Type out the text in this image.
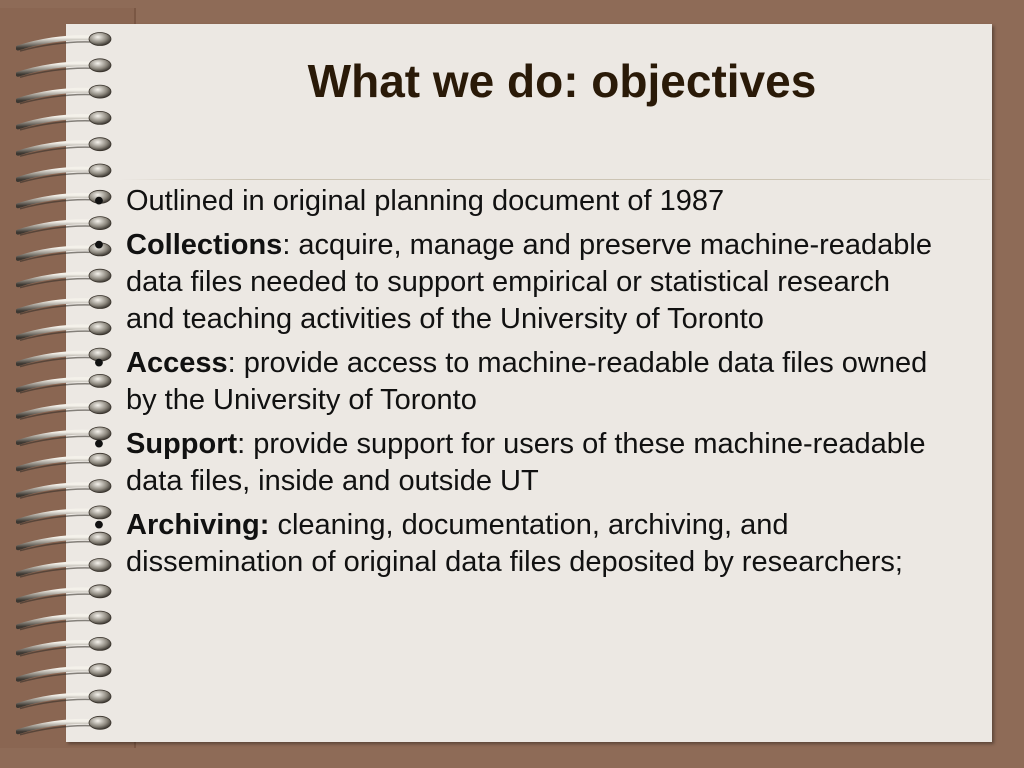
What we do: objectives
• Outlined in original planning document of 1987
• Collections: acquire, manage and preserve machine-readable data files needed to support empirical or statistical research and teaching activities of the University of Toronto
• Access: provide access to machine-readable data files owned by the University of Toronto
• Support: provide support for users of these machine-readable data files, inside and outside UT
• Archiving: cleaning, documentation, archiving, and dissemination of original data files deposited by researchers;
